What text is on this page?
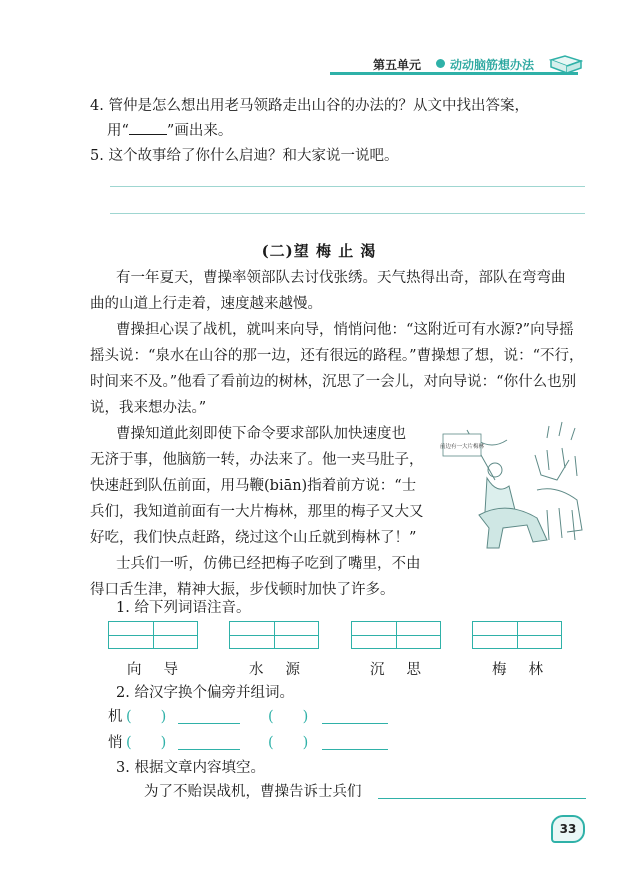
第五单元 动动脑筋想办法
4. 管仲是怎么想出用老马领路走出山谷的办法的？从文中找出答案，
用“	”画出来。
5. 这个故事给了你什么启迪？和大家说一说吧。
(二)望 梅 止 渴
有一年夏天，曹操率领部队去讨伐张绣。天气热得出奇，部队在弯弯曲
曲的山道上行走着，速度越来越慢。
曹操担心误了战机，就叫来向导，悄悄问他：“这附近可有水源?”向导摇
摇头说：“泉水在山谷的那一边，还有很远的路程。”曹操想了想，说：“不行，
时间来不及。”他看了看前边的树林，沉思了一会儿，对向导说：“你什么也别
说，我来想办法。”
曹操知道此刻即使下命令要求部队加快速度也
无济于事，他脑筋一转，办法来了。他一夹马肚子，
快速赶到队伍前面，用马鞭(biān)指着前方说：“士
兵们，我知道前面有一大片梅林，那里的梅子又大又
好吃，我们快点赶路，绕过这个山丘就到梅林了！”
士兵们一听，仿佛已经把梅子吃到了嘴里，不由
得口舌生津，精神大振，步伐顿时加快了许多。
前边有一大片梅林
1. 给下列词语注音。
向导	水源	沉思	梅林
2. 给汉字换个偏旁并组词。
机 (　　)	(　　)
悄 (　　)	(　　)
3. 根据文章内容填空。
为了不贻误战机，曹操告诉士兵们
33
